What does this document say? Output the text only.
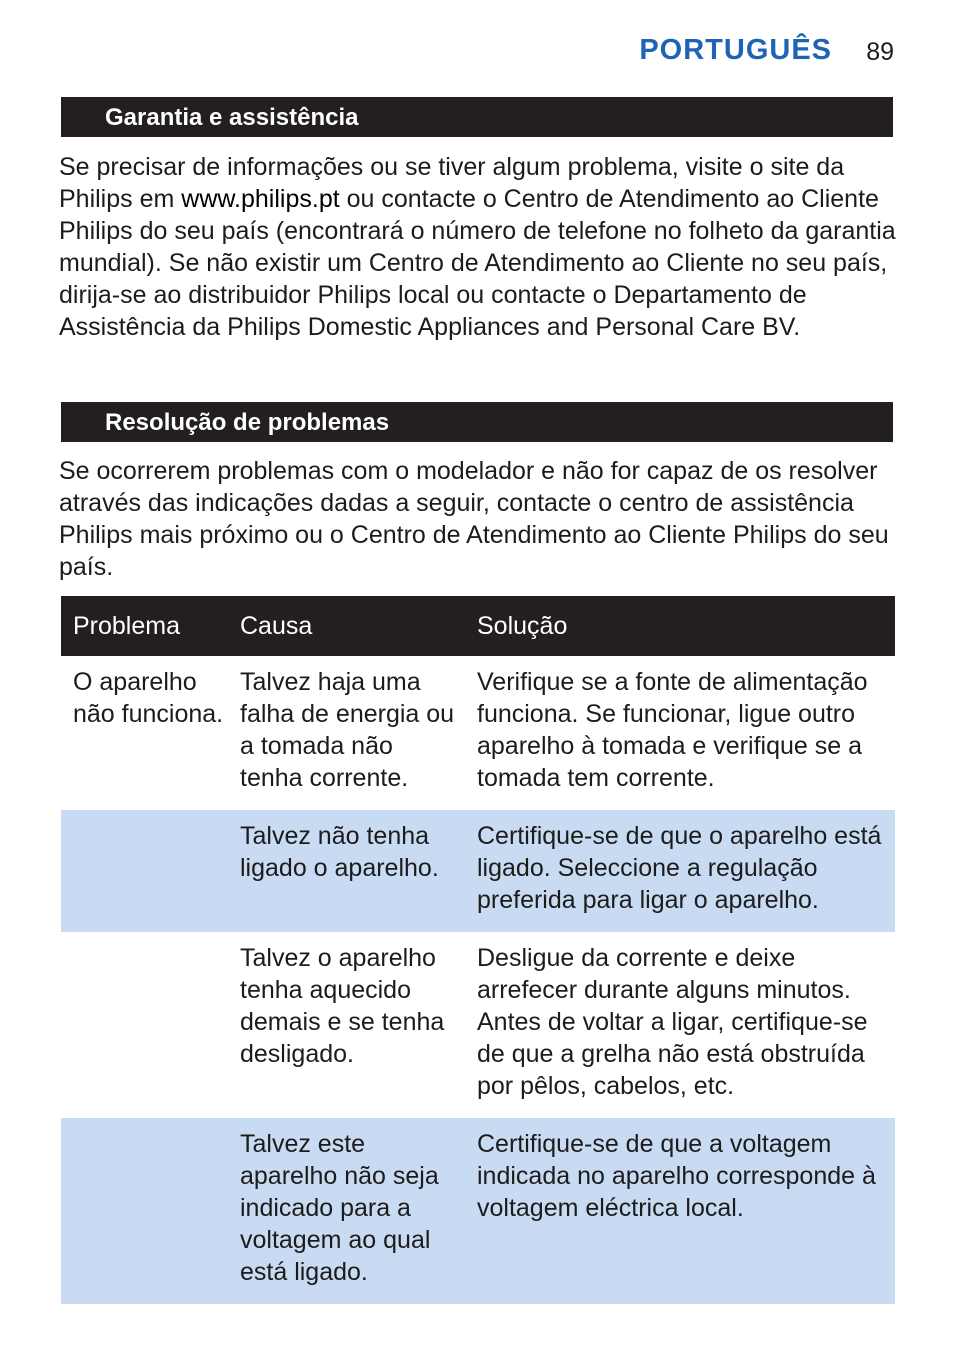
PORTUGUÊS 89
Garantia e assistência

Se precisar de informações ou se tiver algum problema, visite o site da Philips em www.philips.pt ou contacte o Centro de Atendimento ao Cliente Philips do seu país (encontrará o número de telefone no folheto da garantia mundial). Se não existir um Centro de Atendimento ao Cliente no seu país, dirija-se ao distribuidor Philips local ou contacte o Departamento de Assistência da Philips Domestic Appliances and Personal Care BV.

Resolução de problemas

Se ocorrerem problemas com o modelador e não for capaz de os resolver através das indicações dadas a seguir, contacte o centro de assistência Philips mais próximo ou o Centro de Atendimento ao Cliente Philips do seu país.

Problema	Causa	Solução
O aparelho não funciona.	Talvez haja uma falha de energia ou a tomada não tenha corrente.	Verifique se a fonte de alimentação funciona. Se funcionar, ligue outro aparelho à tomada e verifique se a tomada tem corrente.
	Talvez não tenha ligado o aparelho.	Certifique-se de que o aparelho está ligado. Seleccione a regulação preferida para ligar o aparelho.
	Talvez o aparelho tenha aquecido demais e se tenha desligado.	Desligue da corrente e deixe arrefecer durante alguns minutos. Antes de voltar a ligar, certifique-se de que a grelha não está obstruída por pêlos, cabelos, etc.
	Talvez este aparelho não seja indicado para a voltagem ao qual está ligado.	Certifique-se de que a voltagem indicada no aparelho corresponde à voltagem eléctrica local.
